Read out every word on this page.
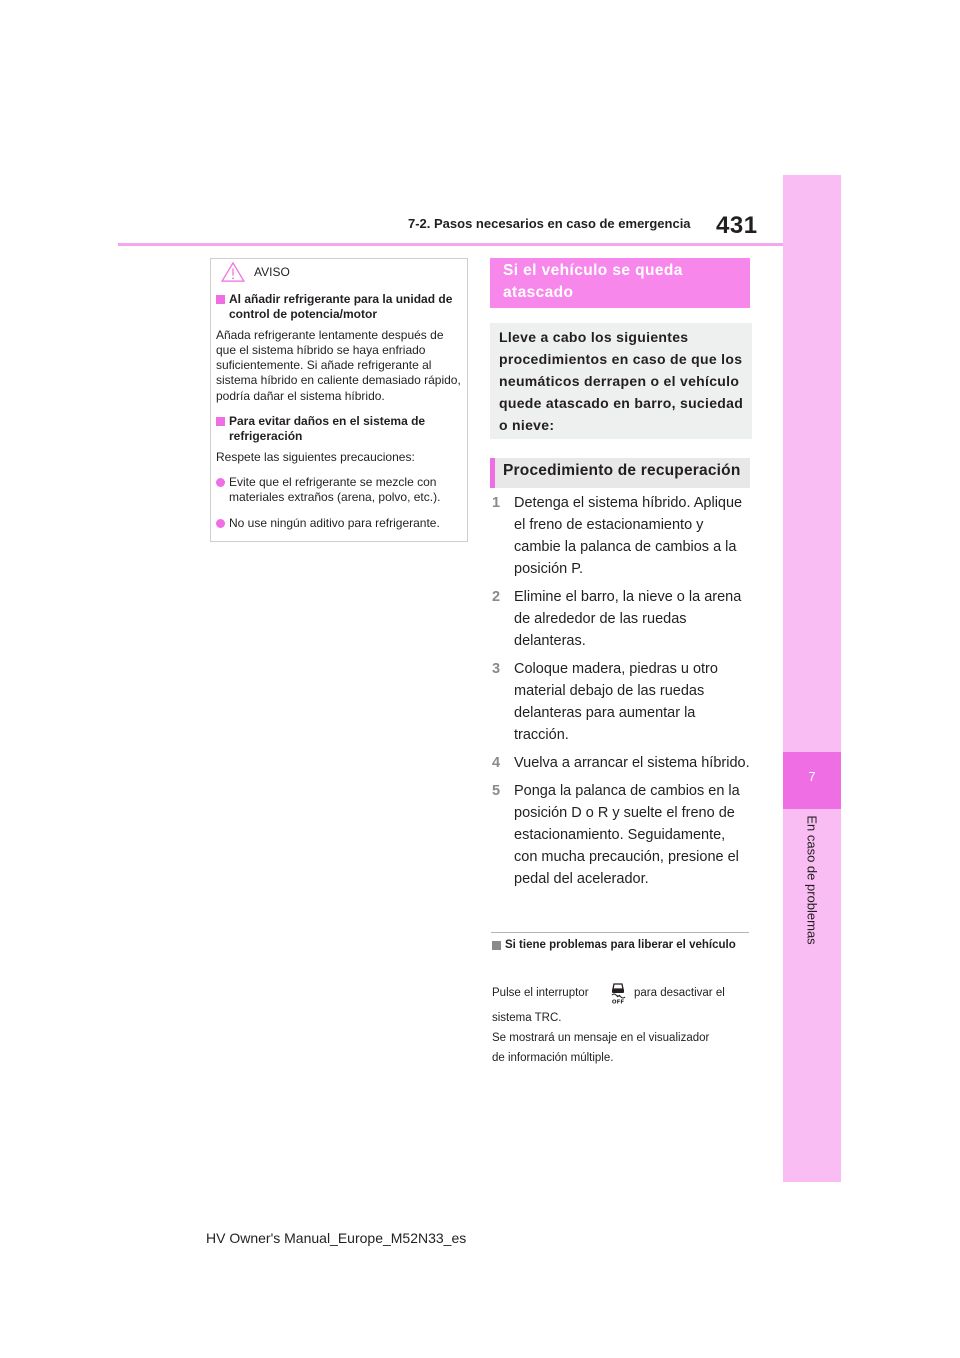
7-2. Pasos necesarios en caso de emergencia 431
7
En caso de problemas
AVISO

Al añadir refrigerante para la unidad de control de potencia/motor

Añada refrigerante lentamente después de que el sistema híbrido se haya enfriado suficientemente. Si añade refrigerante al sistema híbrido en caliente demasiado rápido, podría dañar el sistema híbrido.

Para evitar daños en el sistema de refrigeración

Respete las siguientes precauciones:

Evite que el refrigerante se mezcle con materiales extraños (arena, polvo, etc.).

No use ningún aditivo para refrigerante.

Si el vehículo se queda atascado
Lleve a cabo los siguientes procedimientos en caso de que los neumáticos derrapen o el vehículo quede atascado en barro, suciedad o nieve:
Procedimiento de recuperación
1 Detenga el sistema híbrido. Aplique el freno de estacionamiento y cambie la palanca de cambios a la posición P.
2 Elimine el barro, la nieve o la arena de alrededor de las ruedas delanteras.
3 Coloque madera, piedras u otro material debajo de las ruedas delanteras para aumentar la tracción.
4 Vuelva a arrancar el sistema híbrido.
5 Ponga la palanca de cambios en la posición D o R y suelte el freno de estacionamiento. Seguidamente, con mucha precaución, presione el pedal del acelerador.
Si tiene problemas para liberar el vehículo
Pulse el interruptor
OFF
para desactivar el
sistema TRC.
Se mostrará un mensaje en el visualizador
de información múltiple.
HV Owner's Manual_Europe_M52N33_es
